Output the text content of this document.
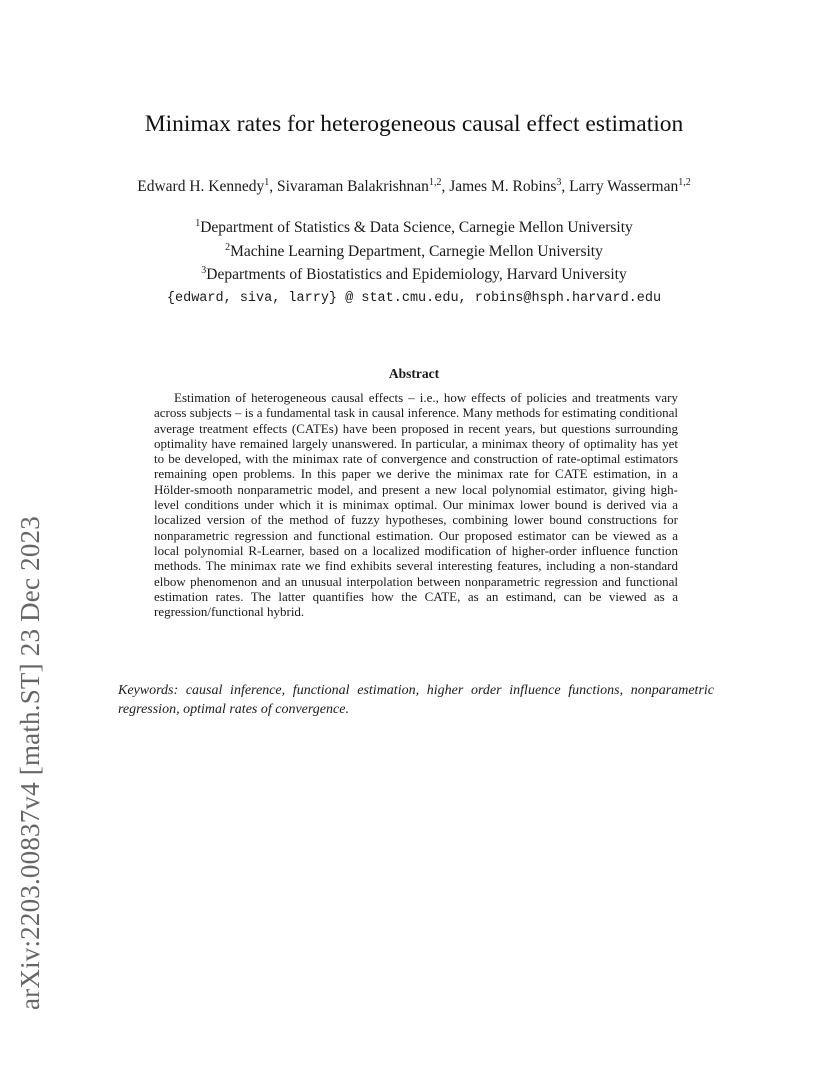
arXiv:2203.00837v4 [math.ST] 23 Dec 2023
Minimax rates for heterogeneous causal effect estimation
Edward H. Kennedy$^1$, Sivaraman Balakrishnan$^{1,2}$, James M. Robins$^3$, Larry Wasserman$^{1,2}$
$^1$Department of Statistics & Data Science, Carnegie Mellon University
$^2$Machine Learning Department, Carnegie Mellon University
$^3$Departments of Biostatistics and Epidemiology, Harvard University
{edward, siva, larry} @ stat.cmu.edu, robins@hsph.harvard.edu
Abstract
Estimation of heterogeneous causal effects – i.e., how effects of policies and treatments vary across subjects – is a fundamental task in causal inference. Many methods for estimating conditional average treatment effects (CATEs) have been proposed in recent years, but questions surrounding optimality have remained largely unanswered. In particular, a minimax theory of optimality has yet to be developed, with the minimax rate of convergence and construction of rate-optimal estimators remaining open problems. In this paper we derive the minimax rate for CATE estimation, in a Hölder-smooth nonparametric model, and present a new local polynomial estimator, giving high-level conditions under which it is minimax optimal. Our minimax lower bound is derived via a localized version of the method of fuzzy hypotheses, combining lower bound constructions for nonparametric regression and functional estimation. Our proposed estimator can be viewed as a local polynomial R-Learner, based on a localized modification of higher-order influence function methods. The minimax rate we find exhibits several interesting features, including a non-standard elbow phenomenon and an unusual interpolation between nonparametric regression and functional estimation rates. The latter quantifies how the CATE, as an estimand, can be viewed as a regression/functional hybrid.
Keywords: causal inference, functional estimation, higher order influence functions, nonparametric regression, optimal rates of convergence.
